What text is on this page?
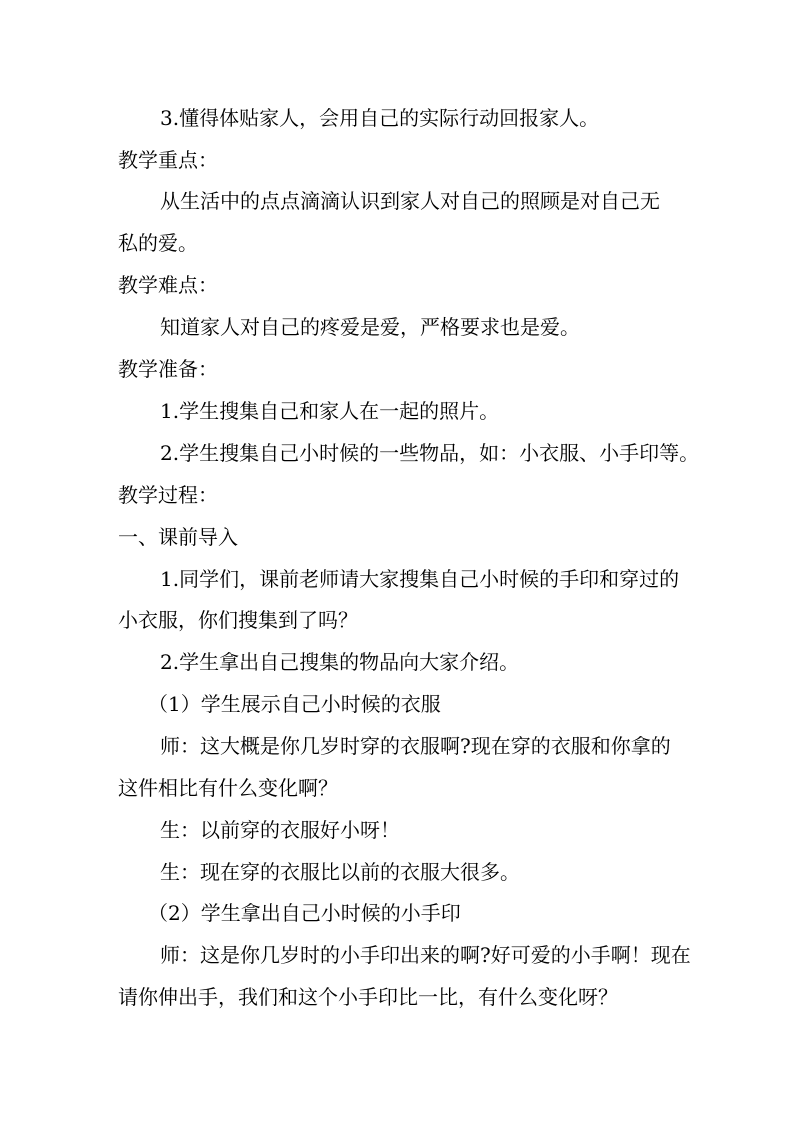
3.懂得体贴家人，会用自己的实际行动回报家人。
教学重点：
从生活中的点点滴滴认识到家人对自己的照顾是对自己无
私的爱。
教学难点：
知道家人对自己的疼爱是爱，严格要求也是爱。
教学准备：
1.学生搜集自己和家人在一起的照片。
2.学生搜集自己小时候的一些物品，如：小衣服、小手印等。
教学过程：
一、课前导入
1.同学们，课前老师请大家搜集自己小时候的手印和穿过的
小衣服，你们搜集到了吗？
2.学生拿出自己搜集的物品向大家介绍。
（1）学生展示自己小时候的衣服
师：这大概是你几岁时穿的衣服啊?现在穿的衣服和你拿的
这件相比有什么变化啊？
生：以前穿的衣服好小呀！
生：现在穿的衣服比以前的衣服大很多。
（2）学生拿出自己小时候的小手印
师：这是你几岁时的小手印出来的啊?好可爱的小手啊！现在
请你伸出手，我们和这个小手印比一比，有什么变化呀？
